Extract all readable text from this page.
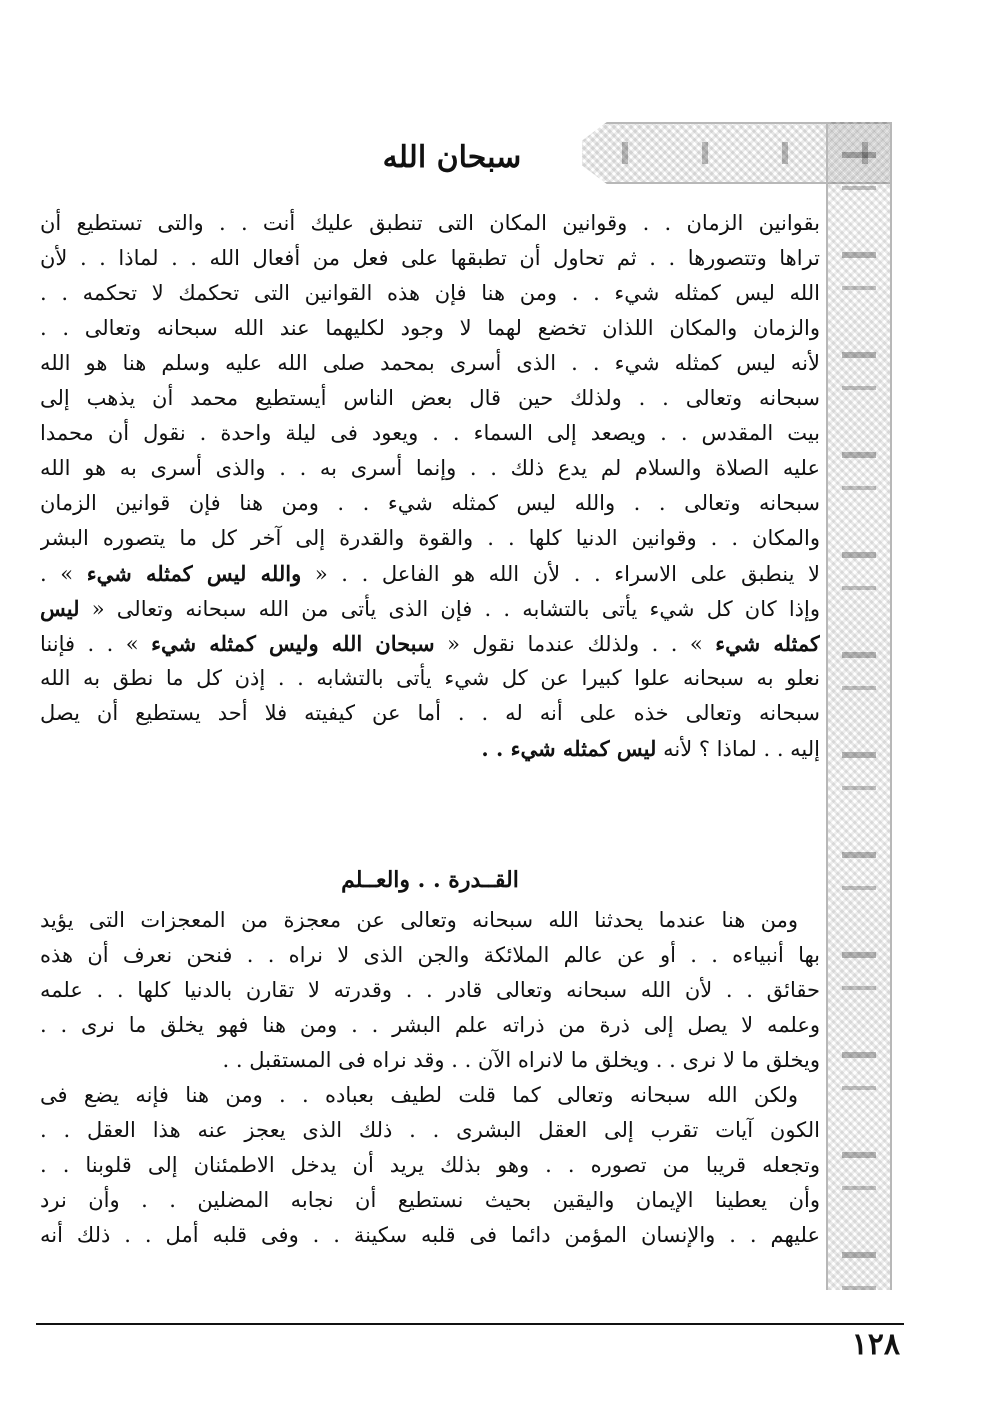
سبحان الله
بقوانين الزمان . . وقوانين المكان التى تنطبق عليك أنت . . والتى تستطيع أن
تراها وتتصورها . . ثم تحاول أن تطبقها على فعل من أفعال الله . . لماذا . . لأن
الله ليس كمثله شيء . . ومن هنا فإن هذه القوانين التى تحكمك لا تحكمه . .
والزمان والمكان اللذان تخضع لهما لا وجود لكليهما عند الله سبحانه وتعالى . .
لأنه ليس كمثله شيء . . الذى أسرى بمحمد صلى الله عليه وسلم هنا هو الله
سبحانه وتعالى . . ولذلك حين قال بعض الناس أيستطيع محمد أن يذهب إلى
بيت المقدس . . ويصعد إلى السماء . . ويعود فى ليلة واحدة . نقول أن محمدا
عليه الصلاة والسلام لم يدع ذلك . . وإنما أسرى به . . والذى أسرى به هو الله
سبحانه وتعالى . . والله ليس كمثله شيء . . ومن هنا فإن قوانين الزمان
والمكان . . وقوانين الدنيا كلها . . والقوة والقدرة إلى آخر كل ما يتصوره البشر
لا ينطبق على الاسراء . . لأن الله هو الفاعل . . « والله ليس كمثله شيء » .
وإذا كان كل شيء يأتى بالتشابه . . فإن الذى يأتى من الله سبحانه وتعالى « ليس
كمثله شيء » . . ولذلك عندما نقول « سبحان الله وليس كمثله شيء » . . فإننا
نعلو به سبحانه علوا كبيرا عن كل شيء يأتى بالتشابه . . إذن كل ما نطق به الله
سبحانه وتعالى خذه على أنه له . . أما عن كيفيته فلا أحد يستطيع أن يصل
إليه . . لماذا ؟ لأنه ليس كمثله شيء . .
القــدرة . . والعــلم
ومن هنا عندما يحدثنا الله سبحانه وتعالى عن معجزة من المعجزات التى يؤيد
بها أنبياءه . . أو عن عالم الملائكة والجن الذى لا نراه . . فنحن نعرف أن هذه
حقائق . . لأن الله سبحانه وتعالى قادر . . وقدرته لا تقارن بالدنيا كلها . . علمه
وعلمه لا يصل إلى ذرة من ذراته علم البشر . . ومن هنا فهو يخلق ما نرى . .
ويخلق ما لا نرى . . ويخلق ما لانراه الآن . . وقد نراه فى المستقبل . .
ولكن الله سبحانه وتعالى كما قلت لطيف بعباده . . ومن هنا فإنه يضع فى
الكون آيات تقرب إلى العقل البشرى . . ذلك الذى يعجز عنه هذا العقل . .
وتجعله قريبا من تصوره . . وهو بذلك يريد أن يدخل الاطمئنان إلى قلوبنا . .
وأن يعطينا الإيمان واليقين بحيث نستطيع أن نجابه المضلين . . وأن نرد
عليهم . . والإنسان المؤمن دائما فى قلبه سكينة . . وفى قلبه أمل . . ذلك أنه
١٢٨
